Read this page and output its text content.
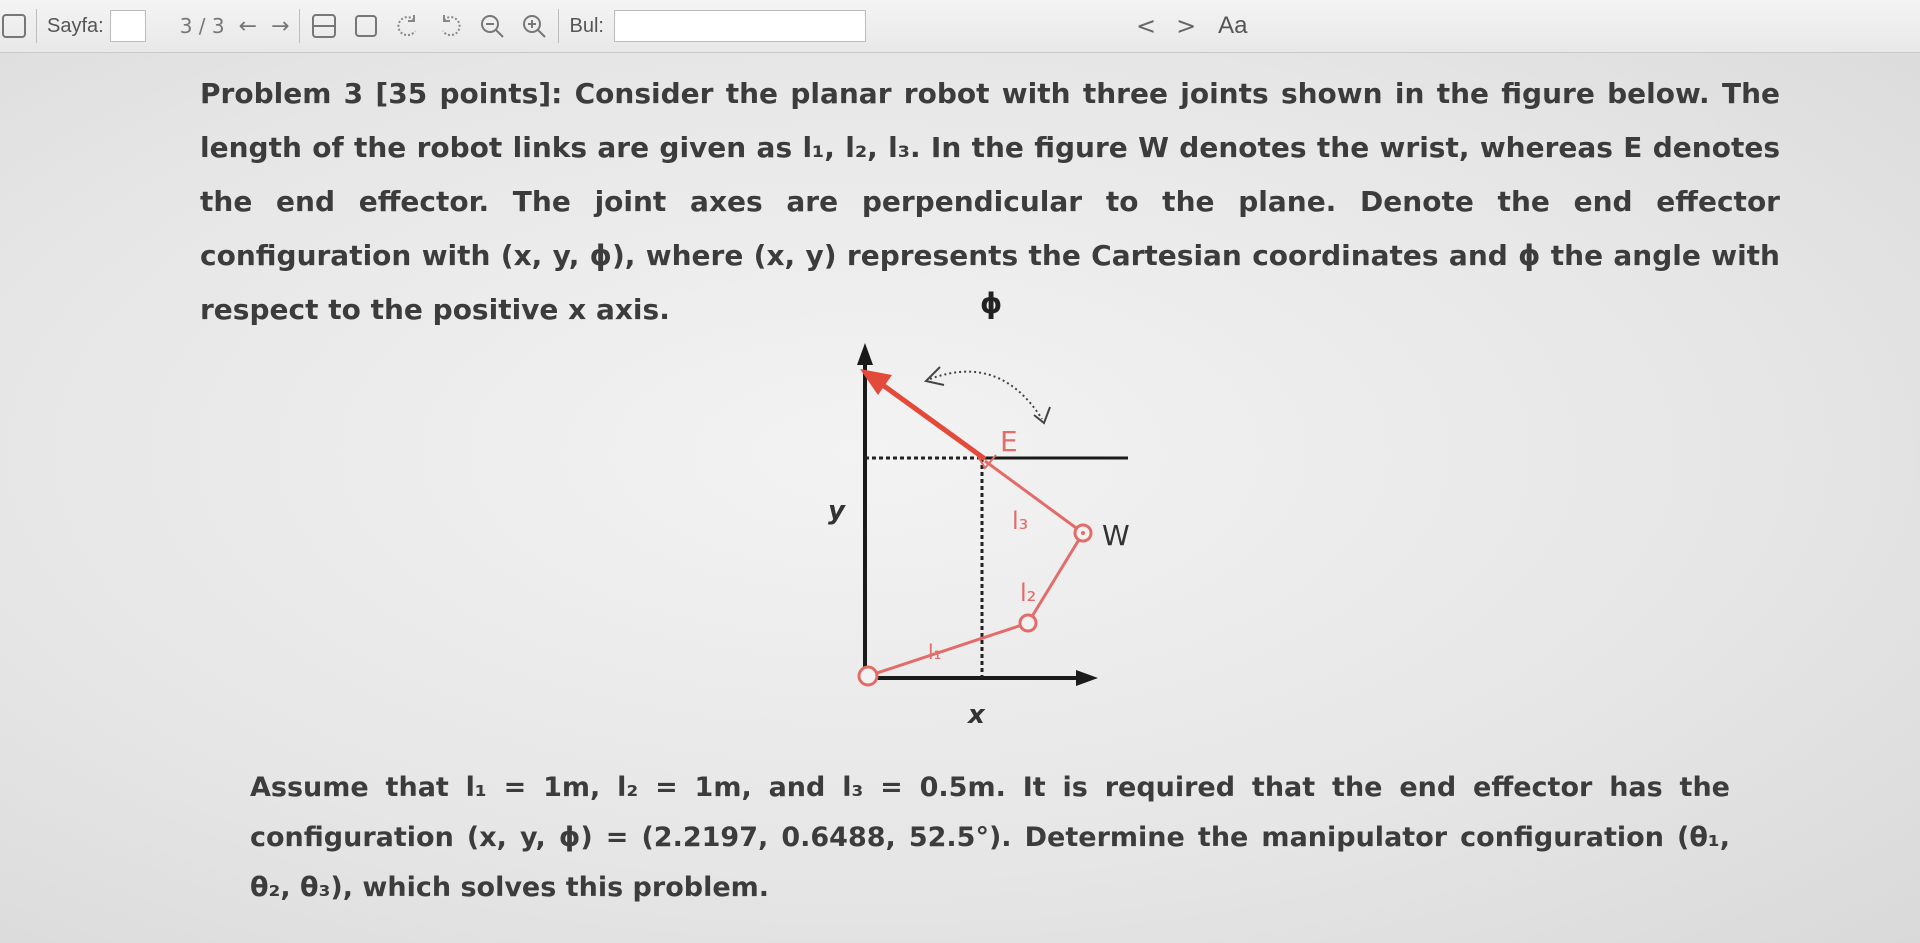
Sayfa:	3 / 3 ← →	Bul:	< > Aa
Problem 3 [35 points]: Consider the planar robot with three joints shown in the figure below. The length of the robot links are given as l₁, l₂, l₃. In the figure W denotes the wrist, whereas E denotes the end effector. The joint axes are perpendicular to the plane. Denote the end effector configuration with (x, y, ϕ), where (x, y) represents the Cartesian coordinates and ϕ the angle with respect to the positive x axis.	ϕ
y
x
E
W
l₃
l₂
l₁
Assume that l₁ = 1m, l₂ = 1m, and l₃ = 0.5m. It is required that the end effector has the configuration (x, y, ϕ) = (2.2197, 0.6488, 52.5°). Determine the manipulator configuration (θ₁, θ₂, θ₃), which solves this problem.
